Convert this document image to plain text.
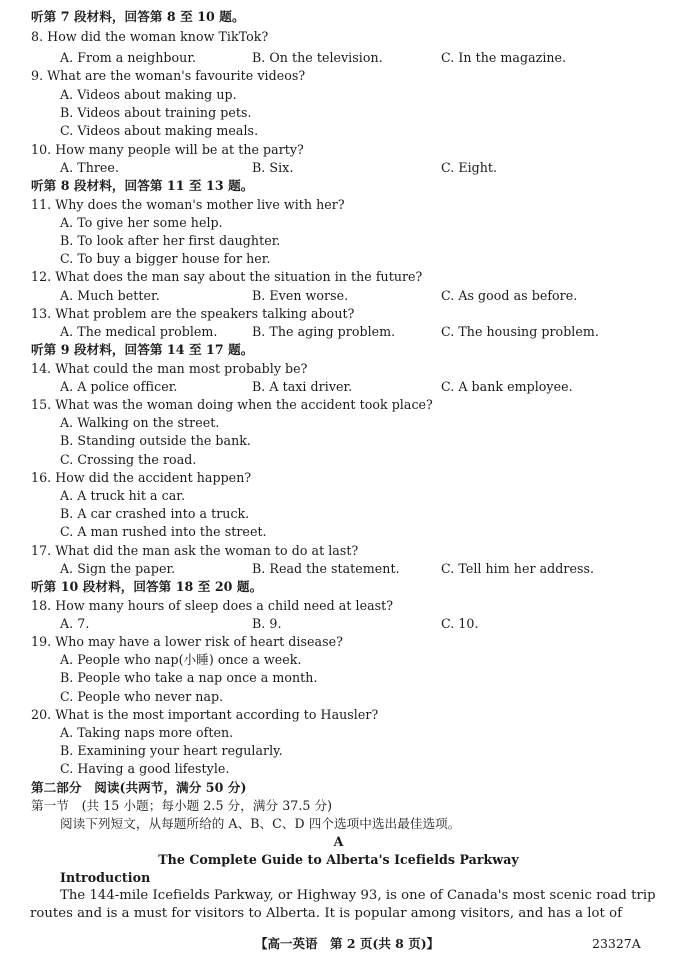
听第 7 段材料，回答第 8 至 10 题。
8. How did the woman know TikTok?
A. From a neighbour.	B. On the television.	C. In the magazine.
9. What are the woman's favourite videos?
A. Videos about making up.
B. Videos about training pets.
C. Videos about making meals.
10. How many people will be at the party?
A. Three.	B. Six.	C. Eight.
听第 8 段材料，回答第 11 至 13 题。
11. Why does the woman's mother live with her?
A. To give her some help.
B. To look after her first daughter.
C. To buy a bigger house for her.
12. What does the man say about the situation in the future?
A. Much better.	B. Even worse.	C. As good as before.
13. What problem are the speakers talking about?
A. The medical problem.	B. The aging problem.	C. The housing problem.
听第 9 段材料，回答第 14 至 17 题。
14. What could the man most probably be?
A. A police officer.	B. A taxi driver.	C. A bank employee.
15. What was the woman doing when the accident took place?
A. Walking on the street.
B. Standing outside the bank.
C. Crossing the road.
16. How did the accident happen?
A. A truck hit a car.
B. A car crashed into a truck.
C. A man rushed into the street.
17. What did the man ask the woman to do at last?
A. Sign the paper.	B. Read the statement.	C. Tell him her address.
听第 10 段材料，回答第 18 至 20 题。
18. How many hours of sleep does a child need at least?
A. 7.	B. 9.	C. 10.
19. Who may have a lower risk of heart disease?
A. People who nap(小睡) once a week.
B. People who take a nap once a month.
C. People who never nap.
20. What is the most important according to Hausler?
A. Taking naps more often.
B. Examining your heart regularly.
C. Having a good lifestyle.
第二部分　阅读(共两节，满分 50 分)
第一节　(共 15 小题；每小题 2.5 分，满分 37.5 分)
阅读下列短文，从每题所给的 A、B、C、D 四个选项中选出最佳选项。
A
The Complete Guide to Alberta's Icefields Parkway
Introduction
The 144-mile Icefields Parkway, or Highway 93, is one of Canada's most scenic road trip
routes and is a must for visitors to Alberta. It is popular among visitors, and has a lot of
【高一英语　第 2 页(共 8 页)】	23327A
